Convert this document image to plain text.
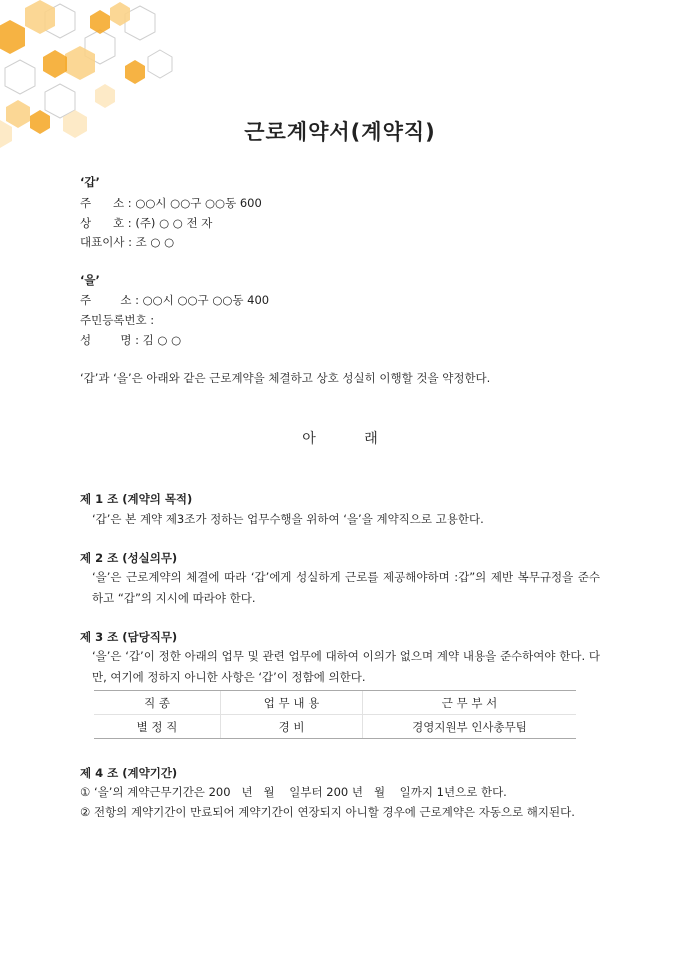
근로계약서(계약직)
‘갑’
주      소 : ○○시 ○○구 ○○동 600
상      호 : (주) ○ ○ 전 자
대표이사 : 조 ○ ○
‘을’
주        소 : ○○시 ○○구 ○○동 400
주민등록번호 :
성        명 : 김 ○ ○
‘갑’과 ‘을’은 아래와 같은 근로계약을 체결하고 상호 성실히 이행할 것을 약정한다.
아 래
제 1 조 (계약의 목적)
‘갑’은 본 계약 제3조가 정하는 업무수행을 위하여 ‘을’을 계약직으로 고용한다.
제 2 조 (성실의무)
‘을’은 근로계약의 체결에 따라 ‘갑’에게 성실하게 근로를 제공해야하며 :갑”의 제반 복무규정을 준수하고 “갑”의 지시에 따라야 한다.
제 3 조 (담당직무)
‘을’은 ‘갑’이 정한 아래의 업무 및 관련 업무에 대하여 이의가 없으며 계약 내용을 준수하여야 한다. 다만, 여기에 정하지 아니한 사항은 ‘갑’이 정함에 의한다.
직 종	업 무 내 용	근 무 부 서
별 정 직	경 비	경영지원부 인사총무팀
제 4 조 (계약기간)
① ‘을’의 계약근무기간은 200   년   월    일부터 200 년   월    일까지 1년으로 한다.
② 전항의 계약기간이 만료되어 계약기간이 연장되지 아니할 경우에 근로계약은 자동으로 해지된다.
